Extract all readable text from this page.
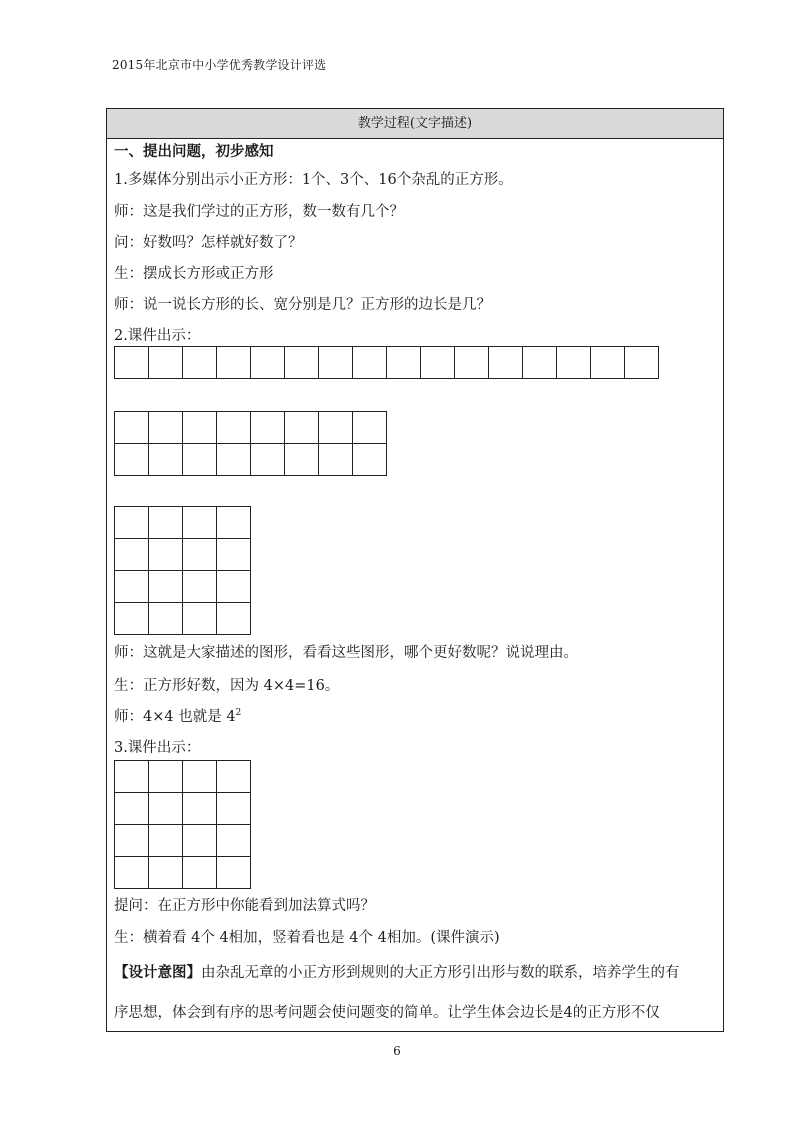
2015年北京市中小学优秀教学设计评选
教学过程(文字描述)
一、提出问题，初步感知
1.多媒体分别出示小正方形：1个、3个、16个杂乱的正方形。
师：这是我们学过的正方形，数一数有几个？
问：好数吗？怎样就好数了？
生：摆成长方形或正方形
师：说一说长方形的长、宽分别是几？正方形的边长是几？
2.课件出示：
师：这就是大家描述的图形，看看这些图形，哪个更好数呢？说说理由。
生：正方形好数，因为 4×4=16。
师：4×4 也就是 $4^2$
3.课件出示：
提问：在正方形中你能看到加法算式吗？
生：横着看 4个 4相加，竖着看也是 4个 4相加。(课件演示)
【设计意图】由杂乱无章的小正方形到规则的大正方形引出形与数的联系，培养学生的有
序思想，体会到有序的思考问题会使问题变的简单。让学生体会边长是4的正方形不仅
6
